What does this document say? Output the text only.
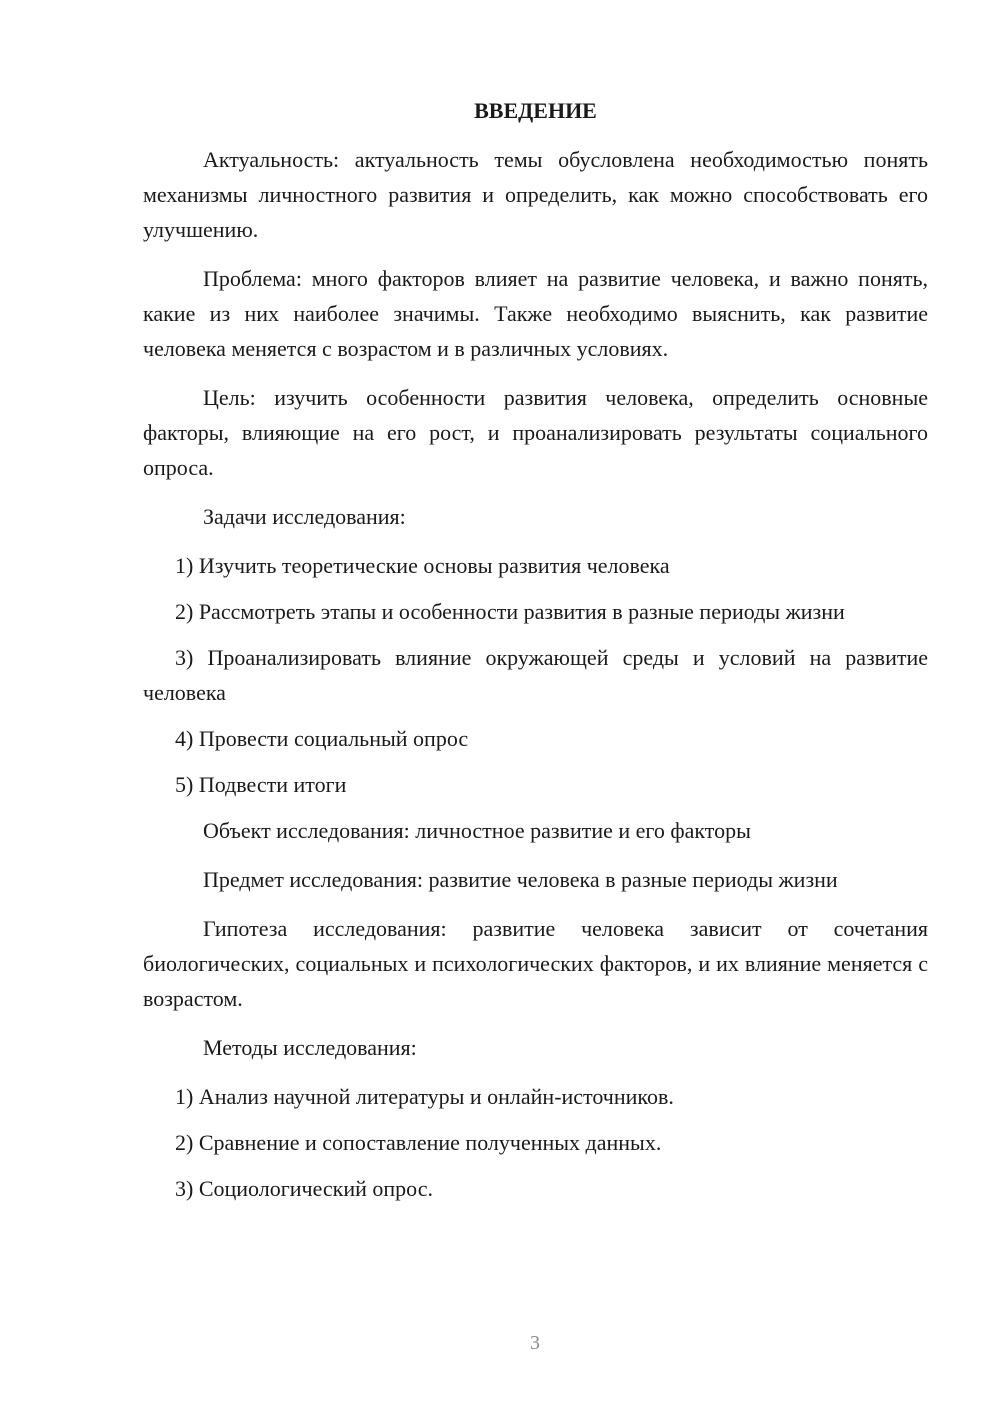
ВВЕДЕНИЕ

Актуальность: актуальность темы обусловлена необходимостью понять механизмы личностного развития и определить, как можно способствовать его улучшению.

Проблема: много факторов влияет на развитие человека, и важно понять, какие из них наиболее значимы. Также необходимо выяснить, как развитие человека меняется с возрастом и в различных условиях.

Цель: изучить особенности развития человека, определить основные факторы, влияющие на его рост, и проанализировать результаты социального опроса.

Задачи исследования:

1) Изучить теоретические основы развития человека

2) Рассмотреть этапы и особенности развития в разные периоды жизни

3) Проанализировать влияние окружающей среды и условий на развитие человека

4) Провести социальный опрос

5) Подвести итоги

Объект исследования: личностное развитие и его факторы

Предмет исследования: развитие человека в разные периоды жизни

Гипотеза исследования: развитие человека зависит от сочетания биологических, социальных и психологических факторов, и их влияние меняется с возрастом.

Методы исследования:

1) Анализ научной литературы и онлайн-источников.

2) Сравнение и сопоставление полученных данных.

3) Социологический опрос.

3
